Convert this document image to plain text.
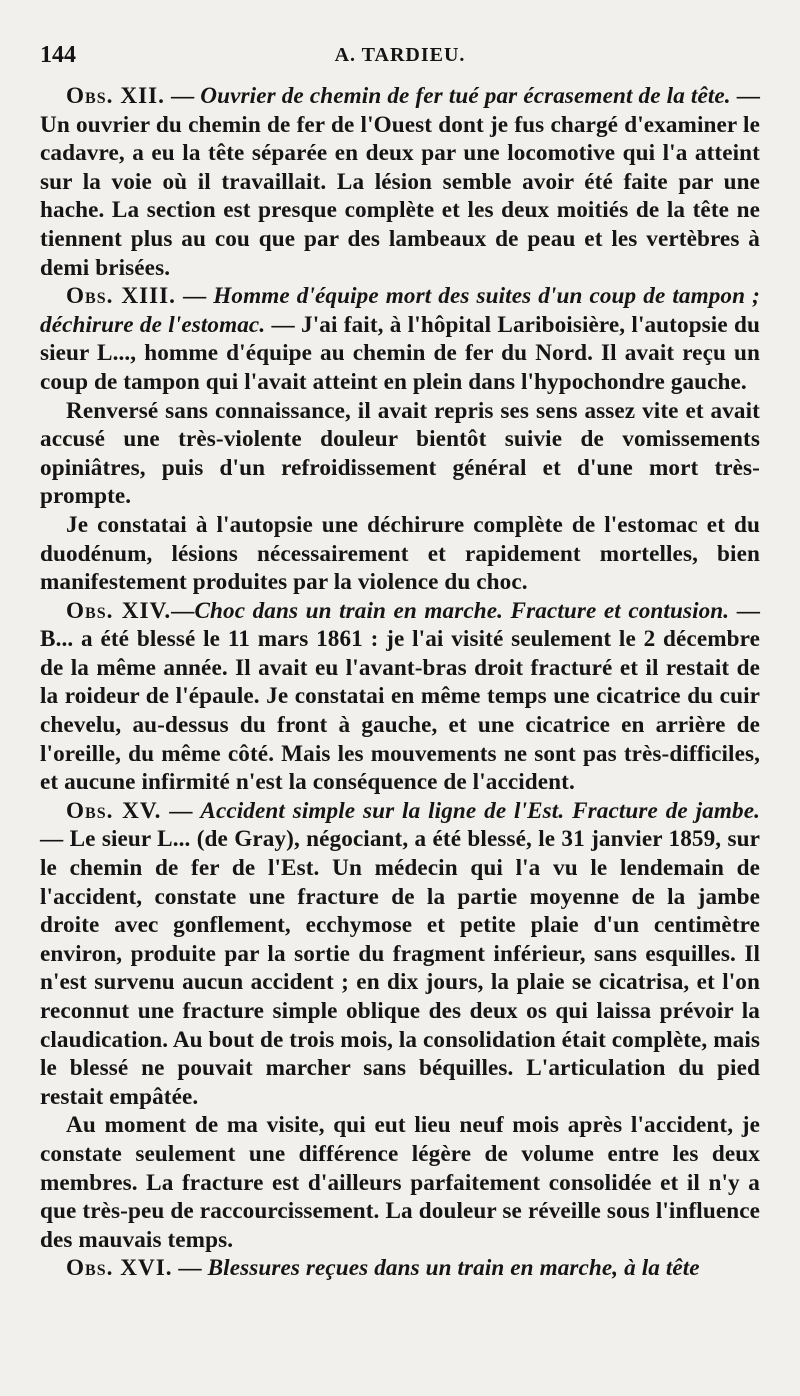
144	A. TARDIEU.

Obs. XII. — Ouvrier de chemin de fer tué par écrasement de la tête. — Un ouvrier du chemin de fer de l'Ouest dont je fus chargé d'examiner le cadavre, a eu la tête séparée en deux par une locomotive qui l'a atteint sur la voie où il travaillait. La lésion semble avoir été faite par une hache. La section est presque complète et les deux moitiés de la tête ne tiennent plus au cou que par des lambeaux de peau et les vertèbres à demi brisées.

Obs. XIII. — Homme d'équipe mort des suites d'un coup de tampon ; déchirure de l'estomac. — J'ai fait, à l'hôpital Lariboisière, l'autopsie du sieur L..., homme d'équipe au chemin de fer du Nord. Il avait reçu un coup de tampon qui l'avait atteint en plein dans l'hypochondre gauche.

Renversé sans connaissance, il avait repris ses sens assez vite et avait accusé une très-violente douleur bientôt suivie de vomissements opiniâtres, puis d'un refroidissement général et d'une mort très-prompte.

Je constatai à l'autopsie une déchirure complète de l'estomac et du duodénum, lésions nécessairement et rapidement mortelles, bien manifestement produites par la violence du choc.

Obs. XIV.—Choc dans un train en marche. Fracture et contusion. — B... a été blessé le 11 mars 1861 : je l'ai visité seulement le 2 décembre de la même année. Il avait eu l'avant-bras droit fracturé et il restait de la roideur de l'épaule. Je constatai en même temps une cicatrice du cuir chevelu, au-dessus du front à gauche, et une cicatrice en arrière de l'oreille, du même côté. Mais les mouvements ne sont pas très-difficiles, et aucune infirmité n'est la conséquence de l'accident.

Obs. XV. — Accident simple sur la ligne de l'Est. Fracture de jambe. — Le sieur L... (de Gray), négociant, a été blessé, le 31 janvier 1859, sur le chemin de fer de l'Est. Un médecin qui l'a vu le lendemain de l'accident, constate une fracture de la partie moyenne de la jambe droite avec gonflement, ecchymose et petite plaie d'un centimètre environ, produite par la sortie du fragment inférieur, sans esquilles. Il n'est survenu aucun accident ; en dix jours, la plaie se cicatrisa, et l'on reconnut une fracture simple oblique des deux os qui laissa prévoir la claudication. Au bout de trois mois, la consolidation était complète, mais le blessé ne pouvait marcher sans béquilles. L'articulation du pied restait empâtée.

Au moment de ma visite, qui eut lieu neuf mois après l'accident, je constate seulement une différence légère de volume entre les deux membres. La fracture est d'ailleurs parfaitement consolidée et il n'y a que très-peu de raccourcissement. La douleur se réveille sous l'influence des mauvais temps.

Obs. XVI. — Blessures reçues dans un train en marche, à la tête
